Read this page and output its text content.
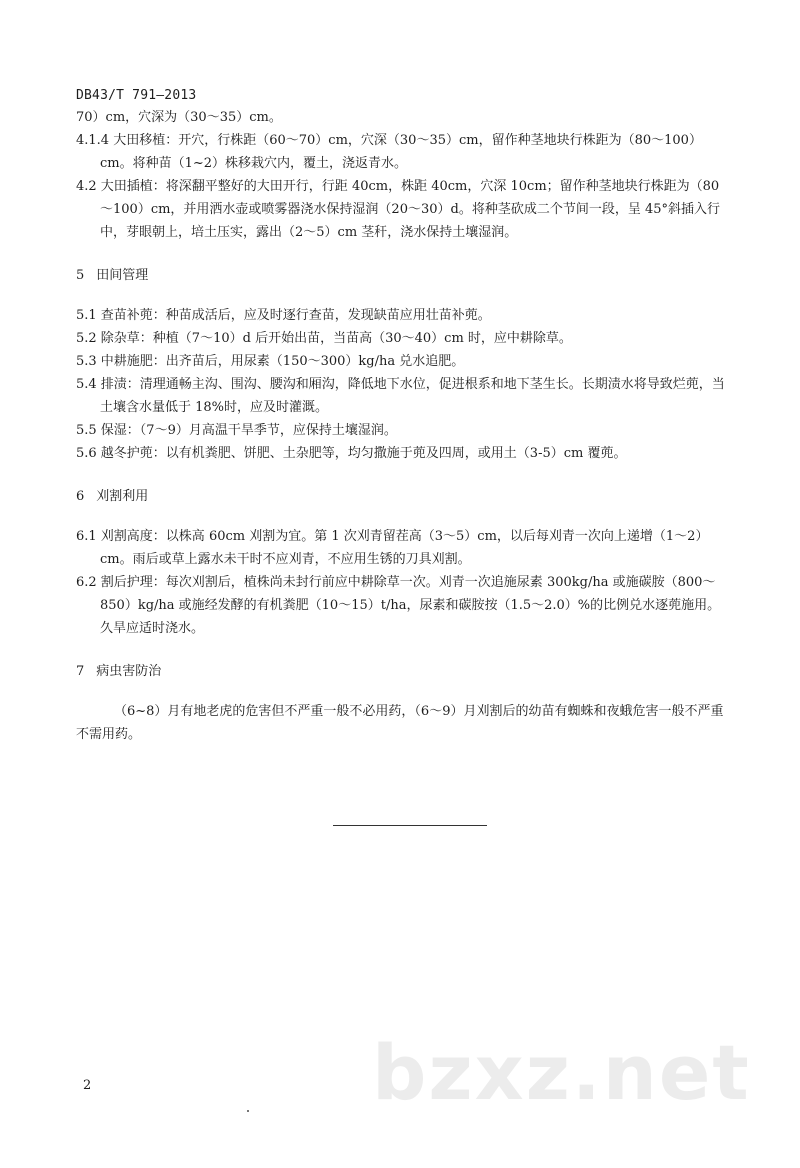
DB43/T 791—2013

70）cm，穴深为（30～35）cm。

4.1.4 大田移植：开穴，行株距（60～70）cm，穴深（30～35）cm，留作种茎地块行株距为（80～100）cm。将种苗（1~2）株移栽穴内，覆土，浇返青水。

4.2 大田插植：将深翻平整好的大田开行，行距 40cm，株距 40cm，穴深 10cm；留作种茎地块行株距为（80～100）cm，并用洒水壶或喷雾器浇水保持湿润（20～30）d。将种茎砍成二个节间一段，呈 45°斜插入行中，芽眼朝上，培土压实，露出（2～5）cm 茎秆，浇水保持土壤湿润。

5 田间管理

5.1 查苗补蔸：种苗成活后，应及时逐行查苗，发现缺苗应用壮苗补蔸。

5.2 除杂草：种植（7～10）d 后开始出苗，当苗高（30～40）cm 时，应中耕除草。

5.3 中耕施肥：出齐苗后，用尿素（150～300）kg/ha 兑水追肥。

5.4 排渍：清理通畅主沟、围沟、腰沟和厢沟，降低地下水位，促进根系和地下茎生长。长期渍水将导致烂蔸，当土壤含水量低于 18%时，应及时灌溉。

5.5 保湿：（7～9）月高温干旱季节，应保持土壤湿润。

5.6 越冬护蔸：以有机粪肥、饼肥、土杂肥等，均匀撒施于蔸及四周，或用土（3-5）cm 覆蔸。

6 刈割利用

6.1 刈割高度：以株高 60cm 刈割为宜。第 1 次刈青留茬高（3～5）cm，以后每刈青一次向上递增（1～2）cm。雨后或草上露水未干时不应刈青，不应用生锈的刀具刈割。

6.2 割后护理：每次刈割后，植株尚未封行前应中耕除草一次。刈青一次追施尿素 300kg/ha 或施碳胺（800～850）kg/ha 或施经发酵的有机粪肥（10～15）t/ha，尿素和碳胺按（1.5～2.0）%的比例兑水逐蔸施用。久旱应适时浇水。

7 病虫害防治

（6~8）月有地老虎的危害但不严重一般不必用药，（6～9）月刈割后的幼苗有蜘蛛和夜蛾危害一般不严重不需用药。

bzxz.net
2
